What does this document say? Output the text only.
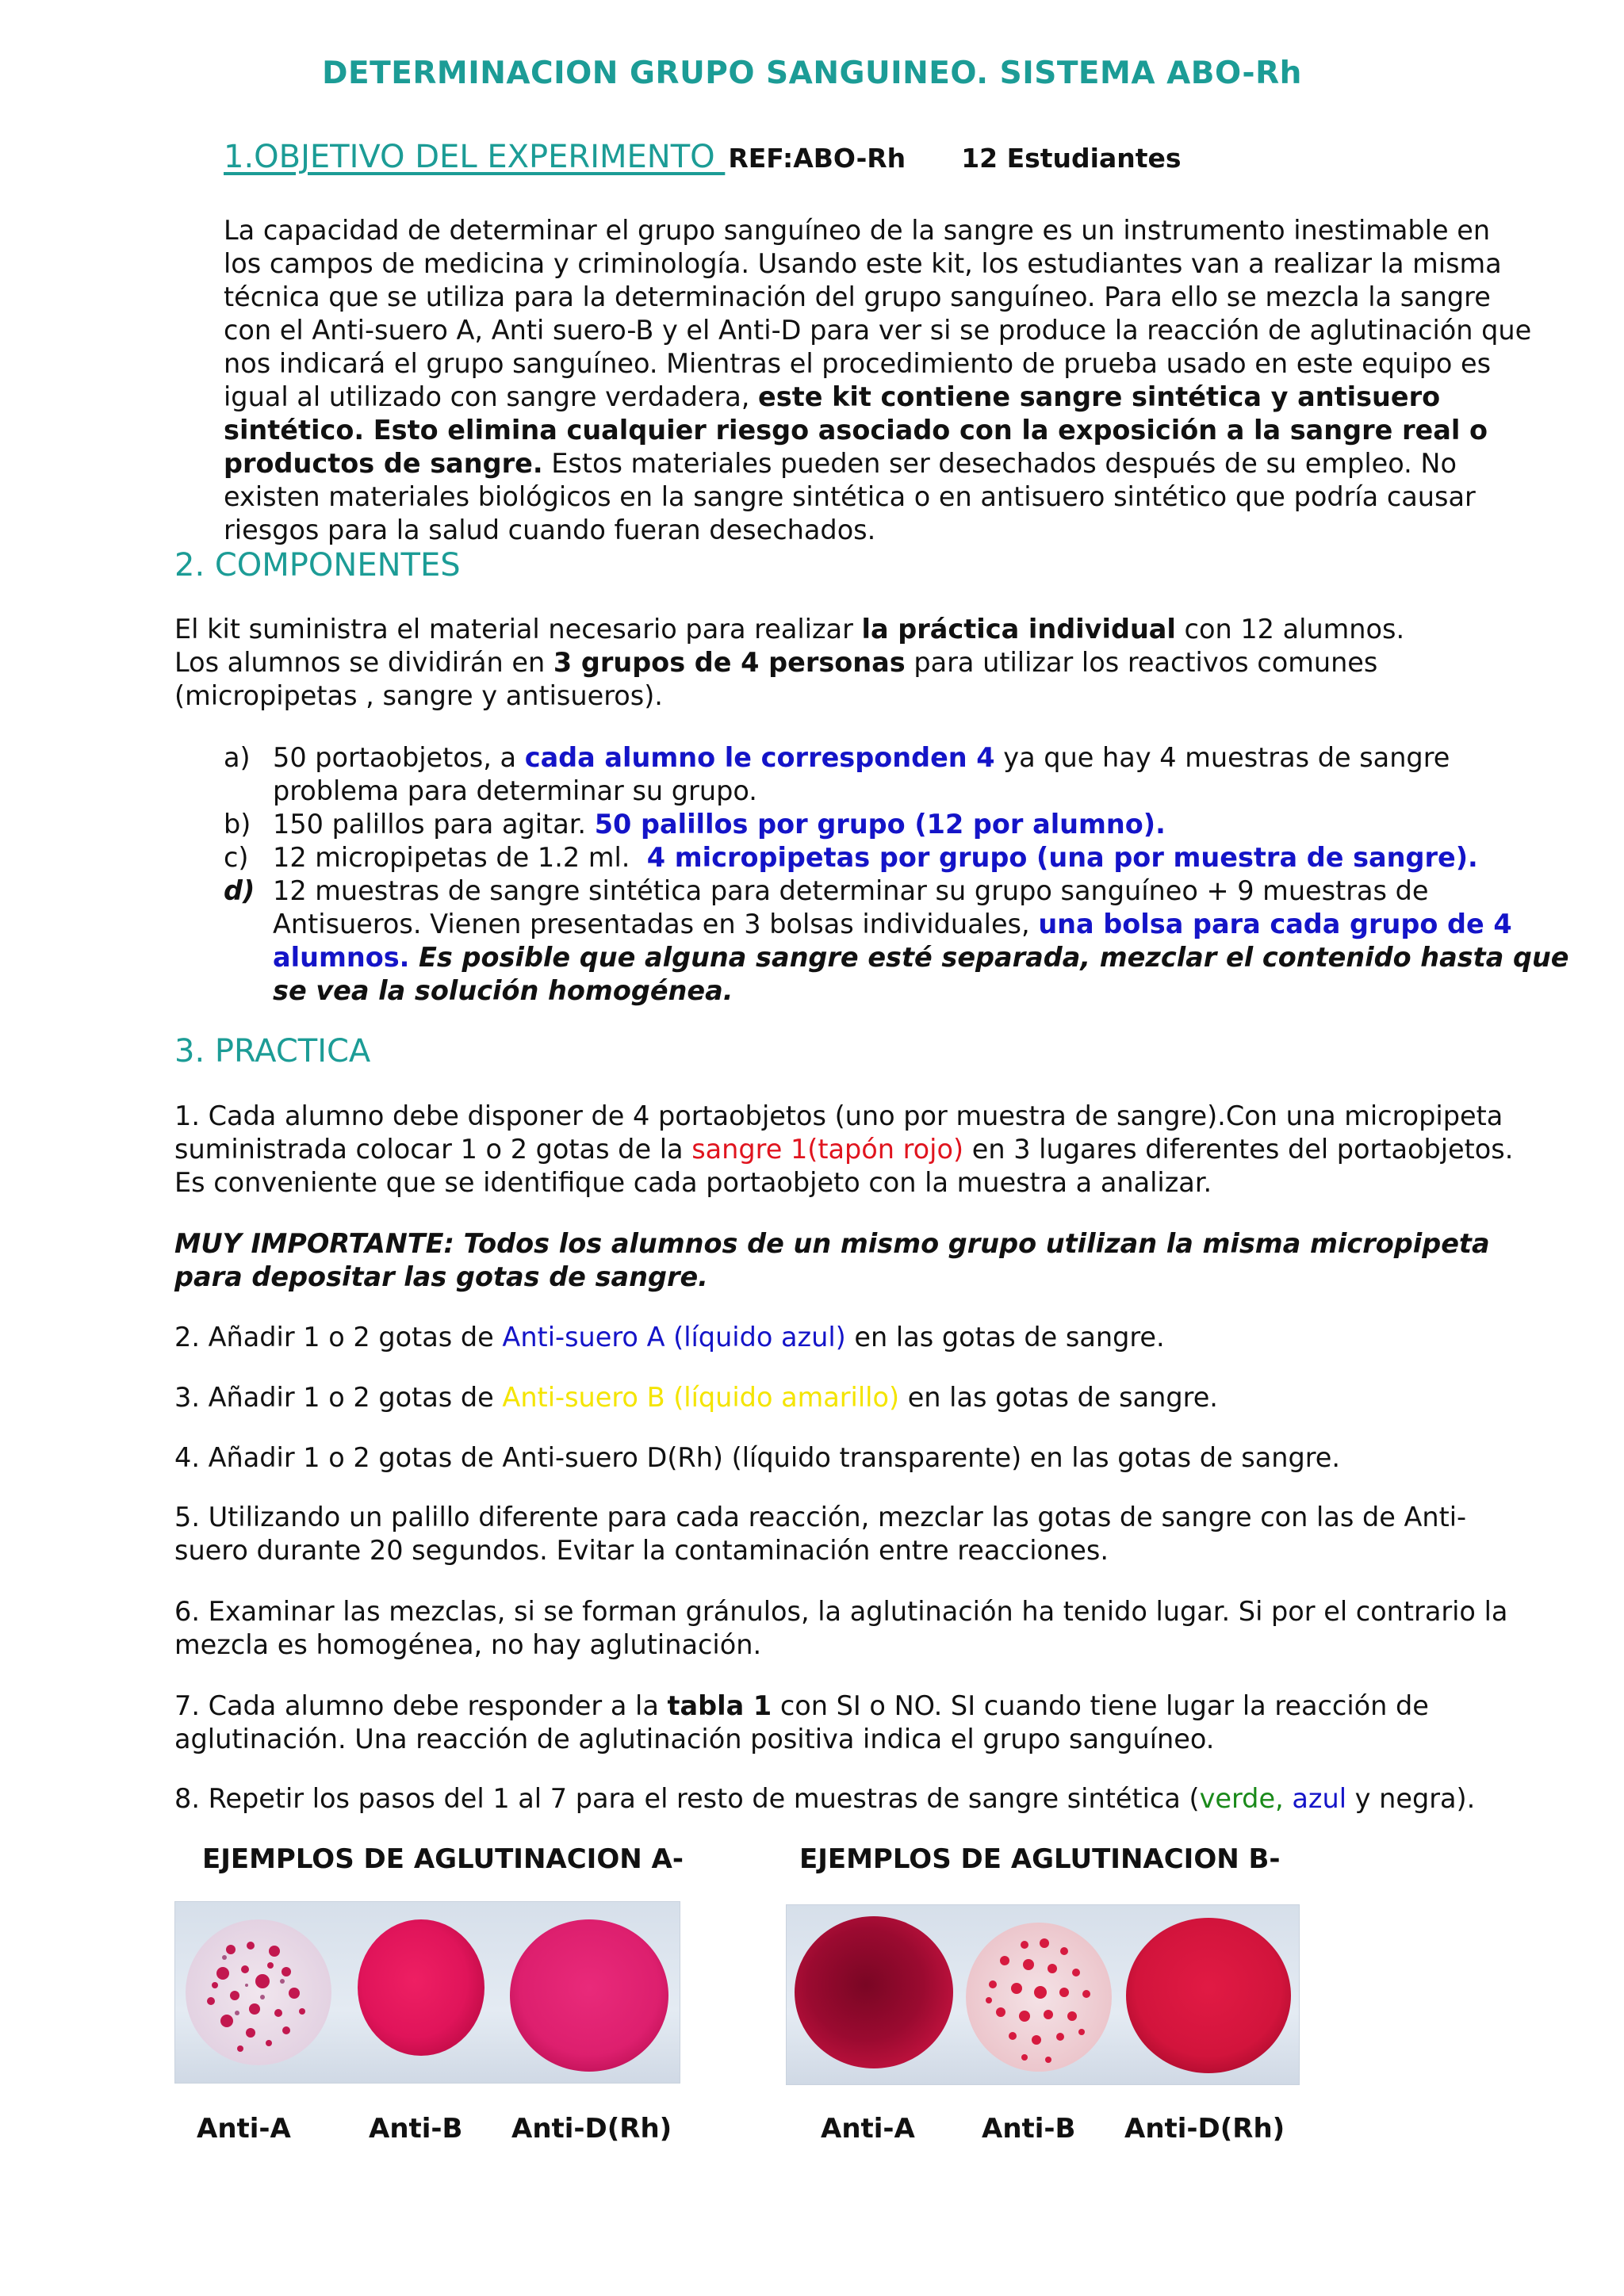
DETERMINACION GRUPO SANGUINEO. SISTEMA ABO-Rh
1.OBJETIVO DEL EXPERIMENTO REF:ABO-Rh 12 Estudiantes
La capacidad de determinar el grupo sanguíneo de la sangre es un instrumento inestimable en los campos de medicina y criminología. Usando este kit, los estudiantes van a realizar la misma técnica que se utiliza para la determinación del grupo sanguíneo. Para ello se mezcla la sangre con el Anti-suero A, Anti suero-B y el Anti-D para ver si se produce la reacción de aglutinación que nos indicará el grupo sanguíneo. Mientras el procedimiento de prueba usado en este equipo es igual al utilizado con sangre verdadera, este kit contiene sangre sintética y antisuero sintético. Esto elimina cualquier riesgo asociado con la exposición a la sangre real o productos de sangre. Estos materiales pueden ser desechados después de su empleo. No existen materiales biológicos en la sangre sintética o en antisuero sintético que podría causar riesgos para la salud cuando fueran desechados.
2. COMPONENTES
El kit suministra el material necesario para realizar la práctica individual con 12 alumnos.
Los alumnos se dividirán en 3 grupos de 4 personas para utilizar los reactivos comunes (micropipetas , sangre y antisueros).
a) 50 portaobjetos, a cada alumno le corresponden 4 ya que hay 4 muestras de sangre problema para determinar su grupo.
b) 150 palillos para agitar. 50 palillos por grupo (12 por alumno).
c) 12 micropipetas de 1.2 ml.  4 micropipetas por grupo (una por muestra de sangre).
d) 12 muestras de sangre sintética para determinar su grupo sanguíneo + 9 muestras de Antisueros. Vienen presentadas en 3 bolsas individuales, una bolsa para cada grupo de 4 alumnos. Es posible que alguna sangre esté separada, mezclar el contenido hasta que se vea la solución homogénea.
3. PRACTICA
1. Cada alumno debe disponer de 4 portaobjetos (uno por muestra de sangre).Con una micropipeta suministrada colocar 1 o 2 gotas de la sangre 1(tapón rojo) en 3 lugares diferentes del portaobjetos. Es conveniente que se identifique cada portaobjeto con la muestra a analizar.
MUY IMPORTANTE: Todos los alumnos de un mismo grupo utilizan la misma micropipeta para depositar las gotas de sangre.
2. Añadir 1 o 2 gotas de Anti-suero A (líquido azul) en las gotas de sangre.
3. Añadir 1 o 2 gotas de Anti-suero B (líquido amarillo) en las gotas de sangre.
4. Añadir 1 o 2 gotas de Anti-suero D(Rh) (líquido transparente) en las gotas de sangre.
5. Utilizando un palillo diferente para cada reacción, mezclar las gotas de sangre con las de Anti-suero durante 20 segundos. Evitar la contaminación entre reacciones.
6. Examinar las mezclas, si se forman gránulos, la aglutinación ha tenido lugar. Si por el contrario la mezcla es homogénea, no hay aglutinación.
7. Cada alumno debe responder a la tabla 1 con SI o NO. SI cuando tiene lugar la reacción de aglutinación. Una reacción de aglutinación positiva indica el grupo sanguíneo.
8. Repetir los pasos del 1 al 7 para el resto de muestras de sangre sintética (verde, azul y negra).
EJEMPLOS DE AGLUTINACION A-	EJEMPLOS DE AGLUTINACION B-
Anti-A	Anti-B Anti-D(Rh)	Anti-A Anti-B Anti-D(Rh)
